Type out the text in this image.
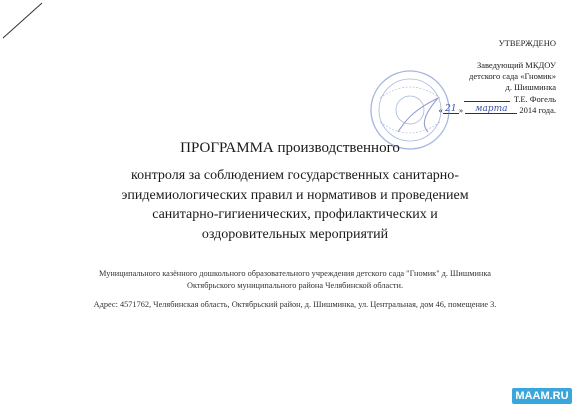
УТВЕРЖДЕНО
Заведующий МКДОУ
детского сада «Гномик»
д. Шишминка
Т.Е. Фогель
« 21 » марта 2014 года.
ПРОГРАММА производственного
контроля за соблюдением государственных санитарно-
эпидемиологических правил и нормативов и проведением
санитарно-гигиенических, профилактических и
оздоровительных мероприятий
Муниципального казённого дошкольного образовательного учреждения детского сада "Гномик" д. Шишминка
Октябрьского муниципального района Челябинской области.
Адрес: 4571762, Челябинская область, Октябрьский район, д. Шишминка, ул. Центральная, дом 46, помещение 3.
MAAM.RU
